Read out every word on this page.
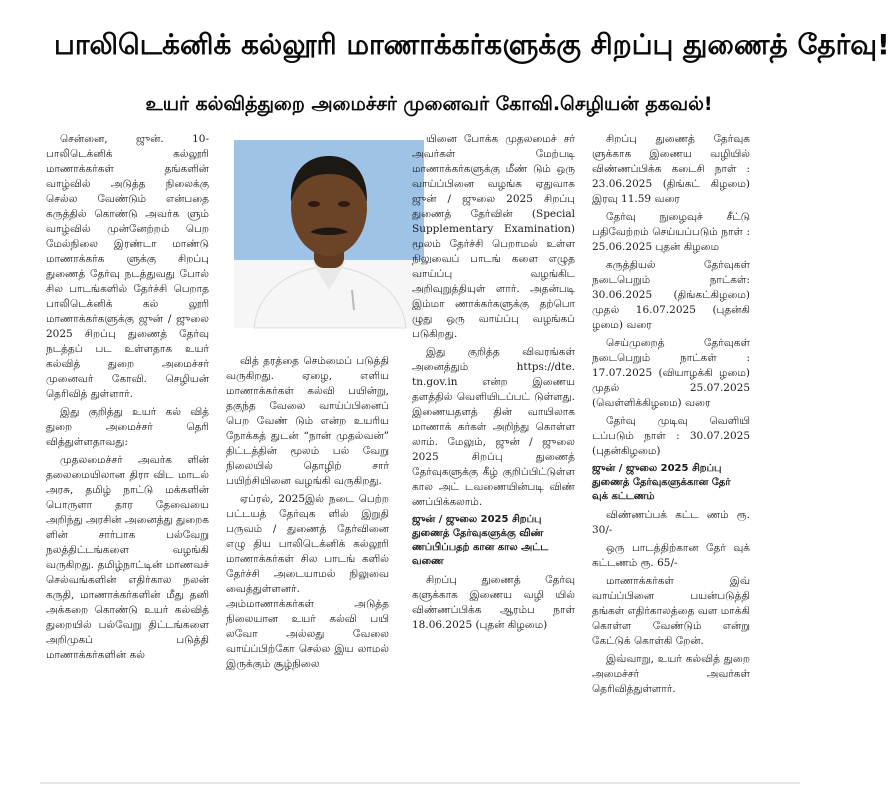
பாலிடெக்னிக் கல்லூரி மாணாக்கர்களுக்கு சிறப்பு துணைத் தேர்வு!
உயர் கல்வித்துறை அமைச்சர் முனைவர் கோவி.செழியன் தகவல்!

சென்னை, ஜுன். 10- பாலிடெக்னிக் கல்லூரி மாணாக்கர்கள் தங்களின் வாழ்வில் அடுத்த நிலைக்கு செல்ல வேண்டும் என்பதை கருத்தில் கொண்டு அவர்க ளும் வாழ்வில் முன்னேற்றம் பெற மேல்நிலை இரண்டா மாண்டு மாணாக்கர்க ளுக்கு சிறப்பு துணைத் தேர்வு நடத்துவது போல் சில பாடங்களில் தேர்ச்சி பெறாத பாலிடெக்னிக் கல் லூரி மாணாக்கர்களுக்கு ஜுன் / ஜுலை 2025 சிறப்பு துணைத் தேர்வு நடத்தப் பட உள்ளதாக உயர் கல்வித் துறை அமைச்சர் முனைவர் கோவி. செழியன் தெரிவித் துள்ளார்.

இது குறித்து உயர் கல் வித் துறை அமைச்சர் தெரி வித்துள்ளதாவது:

முதலமைச்சர் அவர்க ளின் தலைமையிலான திரா விட மாடல் அரசு, தமிழ் நாட்டு மக்களின் பொருளா தார தேவையை அறிந்து அரசின் அனைத்து துறைக ளின் சார்பாக பல்வேறு நலத்திட்டங்களை வழங்கி வருகிறது. தமிழ்நாட்டின் மாணவச் செல்வங்களின் எதிர்கால நலன் கருதி, மாணாக்கர்களின் மீது தனி அக்கறை கொண்டு உயர் கல்வித் துறையில் பல்வேறு திட்டங்களை அறிமுகப் படுத்தி மாணாக்கர்களின் கல்

வித் தரத்தை செம்மைப் படுத்தி வருகிறது. ஏழை, எளிய மாணாக்கர்கள் கல்வி பயின்று, தகுந்த வேலை வாய்ப்பினைப் பெற வேண் டும் என்ற உயரிய நோக்கத் துடன் “நான் முதல்வன்” திட்டத்தின் மூலம் பல் வேறு நிலையில் தொழிற் சார் பயிற்சியினை வழங்கி வருகிறது.

ஏப்ரல், 2025இல் நடை பெற்ற பட்டயத் தேர்வுக ளில் இறுதி பருவம் / துணைத் தேர்வினை எழு திய பாலிடெக்னிக் கல்லூரி மாணாக்கர்கள் சில பாடங் களில் தேர்ச்சி அடையாமல் நிலுவை வைத்துள்ளனர். அம்மாணாக்கர்கள் அடுத்த நிலையான உயர் கல்வி பயி லவோ அல்லது வேலை வாய்ப்பிற்கோ செல்ல இய லாமல் இருக்கும் சூழ்நிலை

யினை போக்க முதலமைச் சர் அவர்கள் மேற்படி மாணாக்கர்களுக்கு மீண் டும் ஒரு வாய்ப்பினை வழங்க ஏதுவாக ஜுன் / ஜுலை 2025 சிறப்பு துணைத் தேர்வின் (Special Supplementary Examination) மூலம் தேர்ச்சி பெறாமல் உள்ள நிலுவைப் பாடங் களை எழுத வாய்ப்பு வழங்கிட அறிவுறுத்தியுள் ளார். அதன்படி இம்மா ணாக்கர்களுக்கு தற்பொ ழுது ஒரு வாய்ப்பு வழங்கப் படுகிறது.

இது குறித்த விவரங்கள் அனைத்தும் https://dte. tn.gov.in என்ற இணைய தளத்தில் வெளியிடப்பட் டுள்ளது. இணையதளத் தின் வாயிலாக மாணாக் கர்கள் அறிந்து கொள்ள லாம். மேலும், ஜுன் / ஜுலை 2025 சிறப்பு துணைத் தேர்வுகளுக்கு கீழ் குறிப்பிட்டுள்ள கால அட் டவணையின்படி விண் ணப்பிக்கலாம்.

ஜுன் / ஜுலை 2025 சிறப்பு துணைத் தேர்வுகளுக்கு விண் ணப்பிப்பதற் கான கால அட்ட வணை

சிறப்பு துணைத் தேர்வு களுக்காக இணைய வழி யில் விண்ணப்பிக்க ஆரம்ப நாள் 18.06.2025 (புதன் கிழமை)

சிறப்பு துணைத் தேர்வுக ளுக்காக இணைய வழியில் விண்ணப்பிக்க கடைசி நாள் : 23.06.2025 (திங்கட் கிழமை) இரவு 11.59 வரை

தேர்வு நுழைவுச் சீட்டு பதிவேற்றம் செய்யப்படும் நாள் : 25.06.2025 புதன் கிழமை

கருத்தியல் தேர்வுகள் நடைபெறும் நாட்கள்: 30.06.2025 (திங்கட்கிழமை) முதல் 16.07.2025 (புதன்கி ழமை) வரை

செய்முறைத் தேர்வுகள் நடைபெறும் நாட்கள் : 17.07.2025 (வியாழக்கி ழமை) முதல் 25.07.2025 (வெள்ளிக்கிழமை) வரை

தேர்வு முடிவு வெளியி டப்படும் நாள் : 30.07.2025 (புதன்கிழமை)

ஜுன் / ஜுலை 2025 சிறப்பு துணைத் தேர்வுகளுக்கான தேர் வுக் கட்டணம்

விண்ணப்பக் கட்ட ணம் ரூ. 30/-

ஒரு பாடத்திற்கான தேர் வுக் கட்டணம் ரூ. 65/-

மாணாக்கர்கள் இவ் வாய்ப்பினை பயன்படுத்தி தங்கள் எதிர்காலத்தை வள மாக்கி கொள்ள வேண்டும் என்று கேட்டுக் கொள்கி றேன்.

இவ்வாறு, உயர் கல்வித் துறை அமைச்சர் அவர்கள் தெரிவித்துள்ளார்.
